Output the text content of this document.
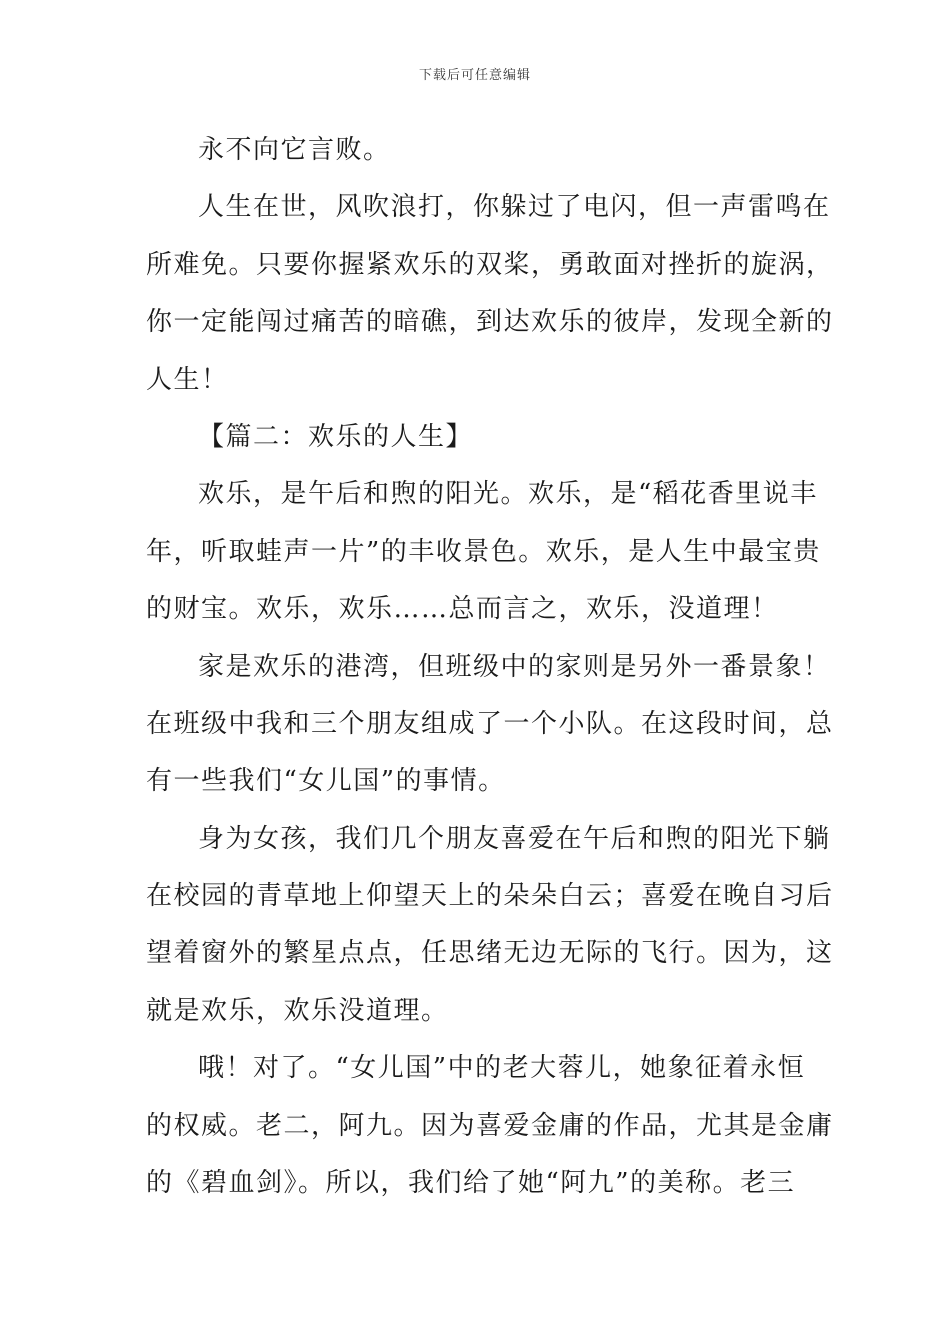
下载后可任意编辑
永不向它言败。
人生在世，风吹浪打，你躲过了电闪，但一声雷鸣在
所难免。只要你握紧欢乐的双桨，勇敢面对挫折的旋涡，
你一定能闯过痛苦的暗礁，到达欢乐的彼岸，发现全新的
人生！
【篇二：欢乐的人生】
欢乐，是午后和煦的阳光。欢乐，是“稻花香里说丰
年，听取蛙声一片”的丰收景色。欢乐，是人生中最宝贵
的财宝。欢乐，欢乐……总而言之，欢乐，没道理！
家是欢乐的港湾，但班级中的家则是另外一番景象！
在班级中我和三个朋友组成了一个小队。在这段时间，总
有一些我们“女儿国”的事情。
身为女孩，我们几个朋友喜爱在午后和煦的阳光下躺
在校园的青草地上仰望天上的朵朵白云；喜爱在晚自习后
望着窗外的繁星点点，任思绪无边无际的飞行。因为，这
就是欢乐，欢乐没道理。
哦！对了。“女儿国”中的老大蓉儿，她象征着永恒
的权威。老二，阿九。因为喜爱金庸的作品，尤其是金庸
的《碧血剑》。所以，我们给了她“阿九”的美称。老三
